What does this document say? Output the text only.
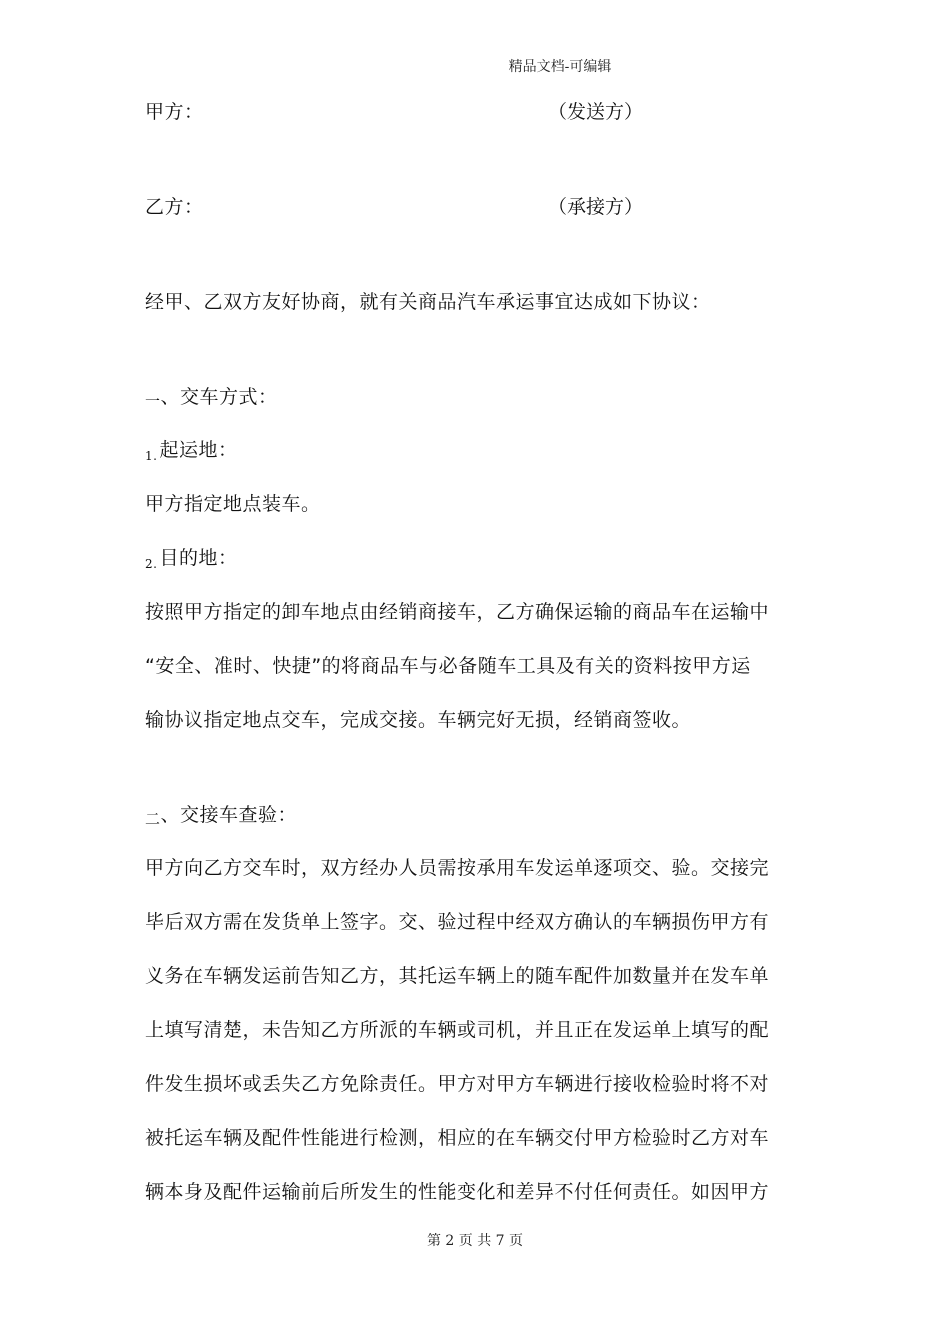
精品文档-可编辑
甲方：	（发送方）
乙方：	（承接方）
经甲、乙双方友好协商，就有关商品汽车承运事宜达成如下协议：
一、交车方式：
$_{1.}$ 起运地：
甲方指定地点装车。
$_{2.}$ 目的地：
按照甲方指定的卸车地点由经销商接车，乙方确保运输的商品车在运输中
“安全、准时、快捷”的将商品车与必备随车工具及有关的资料按甲方运
输协议指定地点交车，完成交接。车辆完好无损，经销商签收。
二、交接车查验：
甲方向乙方交车时，双方经办人员需按承用车发运单逐项交、验。交接完
毕后双方需在发货单上签字。交、验过程中经双方确认的车辆损伤甲方有
义务在车辆发运前告知乙方，其托运车辆上的随车配件加数量并在发车单
上填写清楚，未告知乙方所派的车辆或司机，并且正在发运单上填写的配
件发生损坏或丢失乙方免除责任。甲方对甲方车辆进行接收检验时将不对
被托运车辆及配件性能进行检测，相应的在车辆交付甲方检验时乙方对车
辆本身及配件运输前后所发生的性能变化和差异不付任何责任。如因甲方
第 2 页 共 7 页
